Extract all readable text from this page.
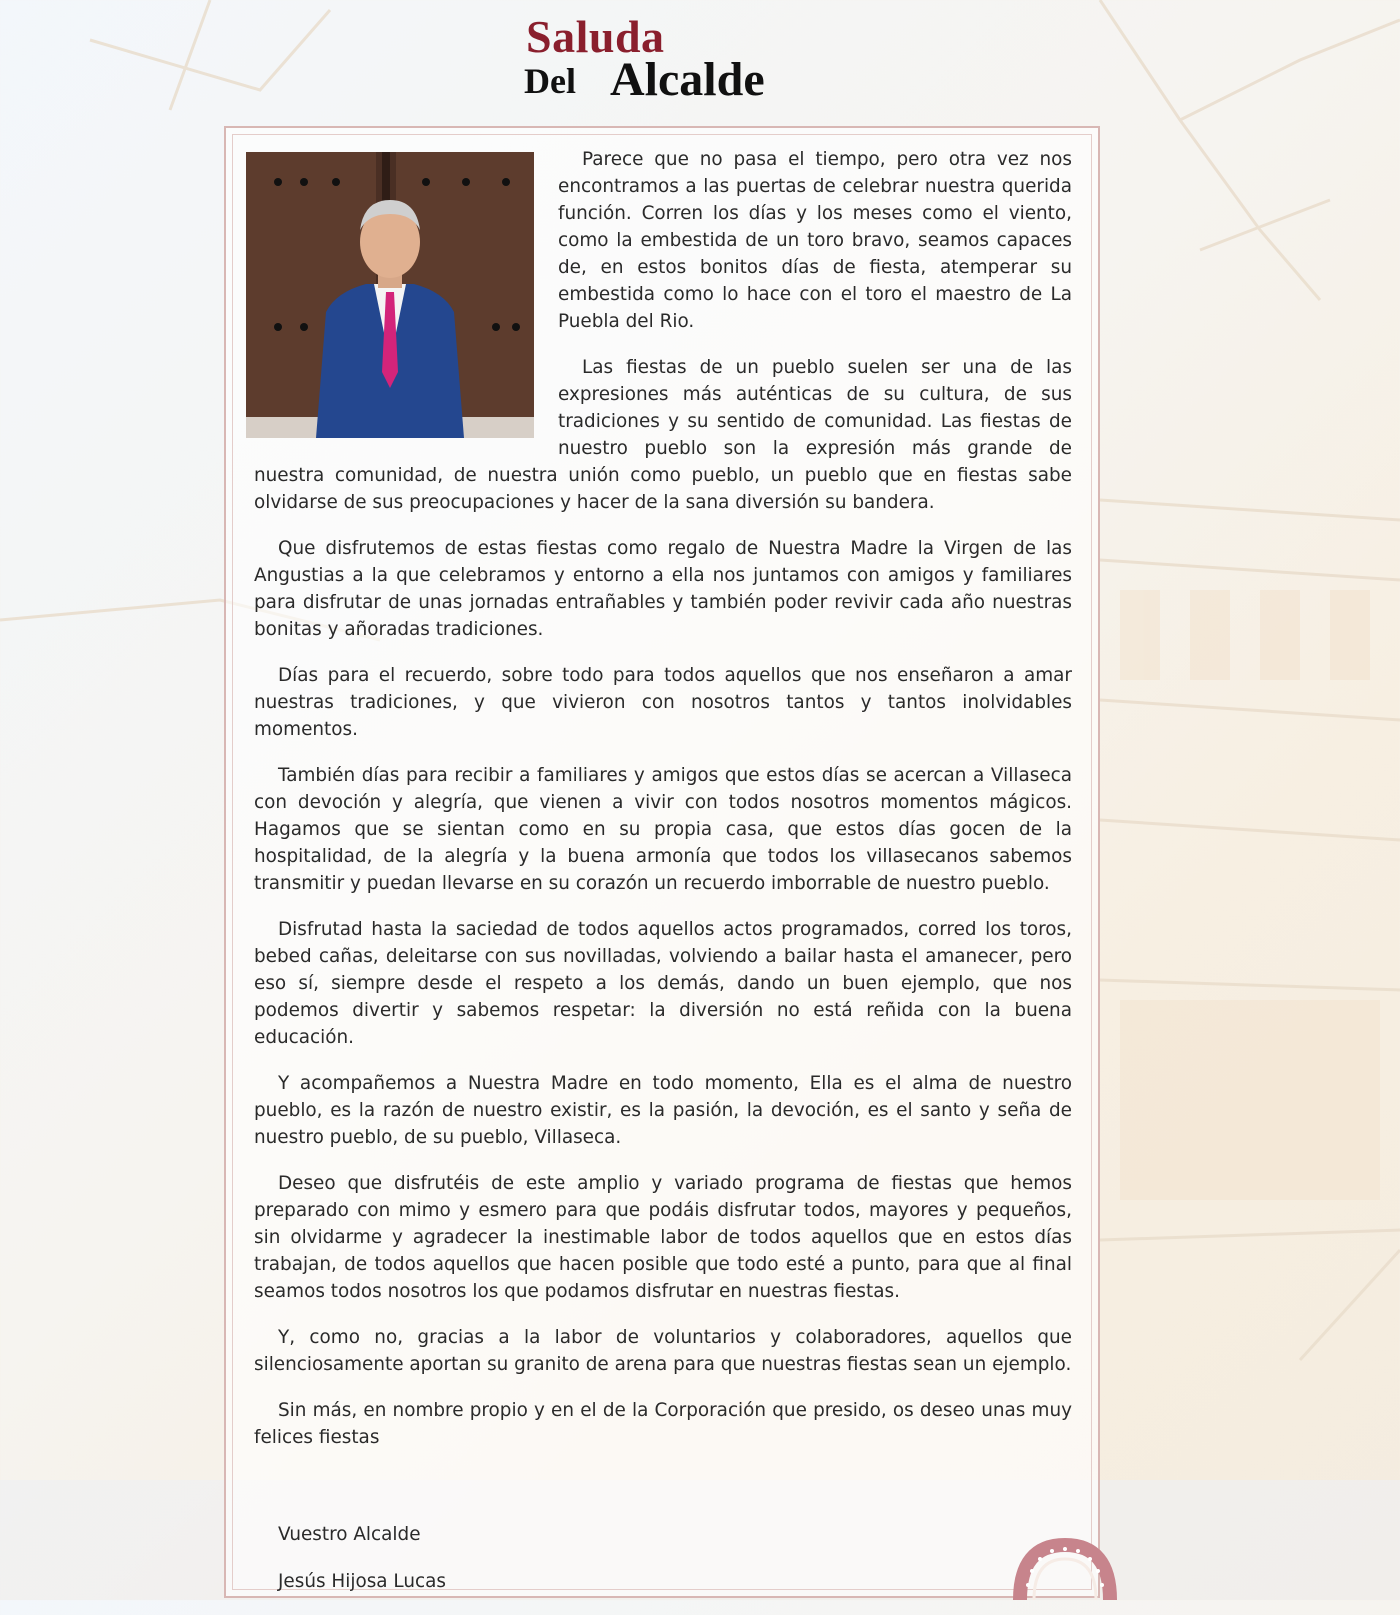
Saluda
Del Alcalde

Parece que no pasa el tiempo, pero otra vez nos encontramos a las puertas de celebrar nuestra querida función. Corren los días y los meses como el viento, como la embestida de un toro bravo, seamos capaces de, en estos bonitos días de fiesta, atemperar su embestida como lo hace con el toro el maestro de La Puebla del Rio.

Las fiestas de un pueblo suelen ser una de las expresiones más auténticas de su cultura, de sus tradiciones y su sentido de comunidad. Las fiestas de nuestro pueblo son la expresión más grande de nuestra comunidad, de nuestra unión como pueblo, un pueblo que en fiestas sabe olvidarse de sus preocupaciones y hacer de la sana diversión su bandera.

Que disfrutemos de estas fiestas como regalo de Nuestra Madre la Virgen de las Angustias a la que celebramos y entorno a ella nos juntamos con amigos y familiares para disfrutar de unas jornadas entrañables y también poder revivir cada año nuestras bonitas y añoradas tradiciones.

Días para el recuerdo, sobre todo para todos aquellos que nos enseñaron a amar nuestras tradiciones, y que vivieron con nosotros tantos y tantos inolvidables momentos.

También días para recibir a familiares y amigos que estos días se acercan a Villaseca con devoción y alegría, que vienen a vivir con todos nosotros momentos mágicos. Hagamos que se sientan como en su propia casa, que estos días gocen de la hospitalidad, de la alegría y la buena armonía que todos los villasecanos sabemos transmitir y puedan llevarse en su corazón un recuerdo imborrable de nuestro pueblo.

Disfrutad hasta la saciedad de todos aquellos actos programados, corred los toros, bebed cañas, deleitarse con sus novilladas, volviendo a bailar hasta el amanecer, pero eso sí, siempre desde el respeto a los demás, dando un buen ejemplo, que nos podemos divertir y sabemos respetar: la diversión no está reñida con la buena educación.

Y acompañemos a Nuestra Madre en todo momento, Ella es el alma de nuestro pueblo, es la razón de nuestro existir, es la pasión, la devoción, es el santo y seña de nuestro pueblo, de su pueblo, Villaseca.

Deseo que disfrutéis de este amplio y variado programa de fiestas que hemos preparado con mimo y esmero para que podáis disfrutar todos, mayores y pequeños, sin olvidarme y agradecer la inestimable labor de todos aquellos que en estos días trabajan, de todos aquellos que hacen posible que todo esté a punto, para que al final seamos todos nosotros los que podamos disfrutar en nuestras fiestas.

Y, como no, gracias a la labor de voluntarios y colaboradores, aquellos que silenciosamente aportan su granito de arena para que nuestras fiestas sean un ejemplo.

Sin más, en nombre propio y en el de la Corporación que presido, os deseo unas muy felices fiestas

Vuestro Alcalde
Jesús Hijosa Lucas
